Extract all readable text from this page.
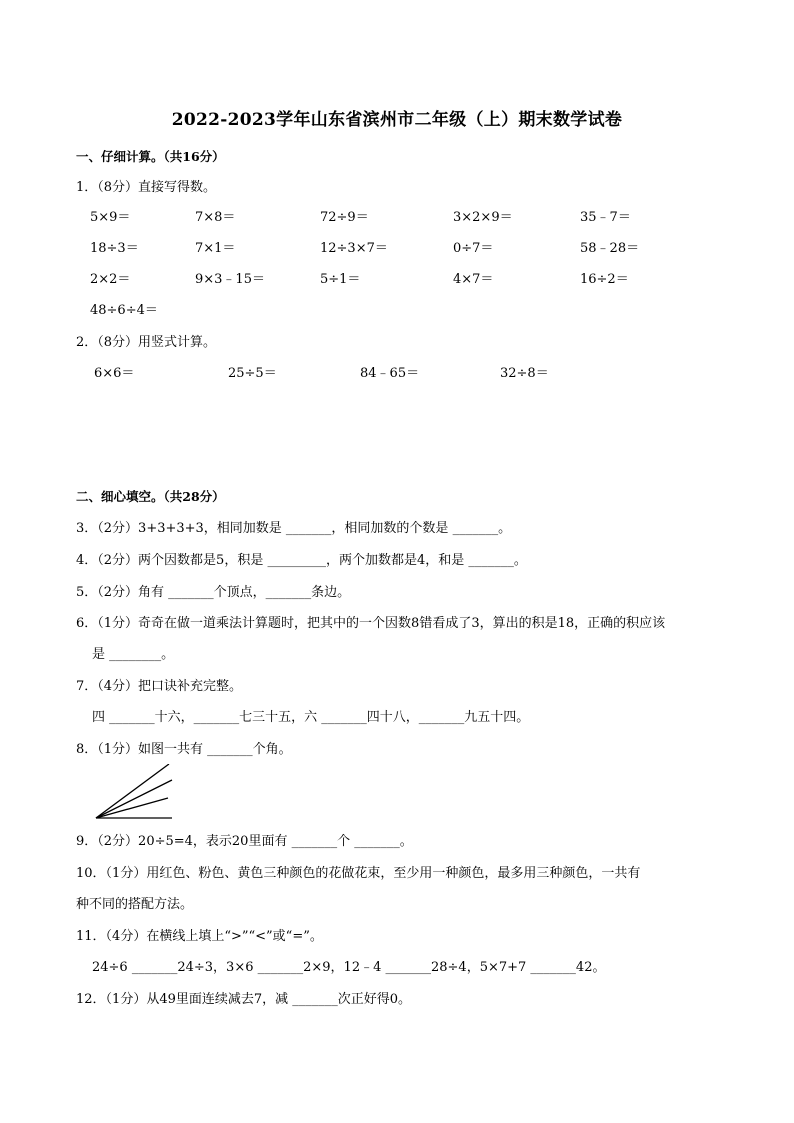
2022-2023学年山东省滨州市二年级（上）期末数学试卷
一、仔细计算。（共16分）
1．（8分）直接写得数。
5×9＝	7×8＝	72÷9＝	3×2×9＝	35﹣7＝
18÷3＝	7×1＝	12÷3×7＝	0÷7＝	58﹣28＝
2×2＝	9×3﹣15＝	5÷1＝	4×7＝	16÷2＝
48÷6÷4＝
2．（8分）用竖式计算。
6×6＝	25÷5＝	84﹣65＝	32÷8＝
二、细心填空。（共28分）
3．（2分）3+3+3+3，相同加数是 _______，相同加数的个数是 _______。
4．（2分）两个因数都是5，积是 _________，两个加数都是4，和是 _______。
5．（2分）角有 _______个顶点，_______条边。
6．（1分）奇奇在做一道乘法计算题时，把其中的一个因数8错看成了3，算出的积是18，正确的积应该
是 ________。
7．（4分）把口诀补充完整。
四 _______十六，_______七三十五，六 _______四十八，_______九五十四。
8．（1分）如图一共有 _______个角。
9．（2分）20÷5=4，表示20里面有 _______个 _______。
10．（1分）用红色、粉色、黄色三种颜色的花做花束，至少用一种颜色，最多用三种颜色，一共有
种不同的搭配方法。
11．（4分）在横线上填上“>”“<”或“=”。
24÷6 _______24÷3，3×6 _______2×9，12﹣4 _______28÷4，5×7+7 _______42。
12．（1分）从49里面连续减去7，减 _______次正好得0。
